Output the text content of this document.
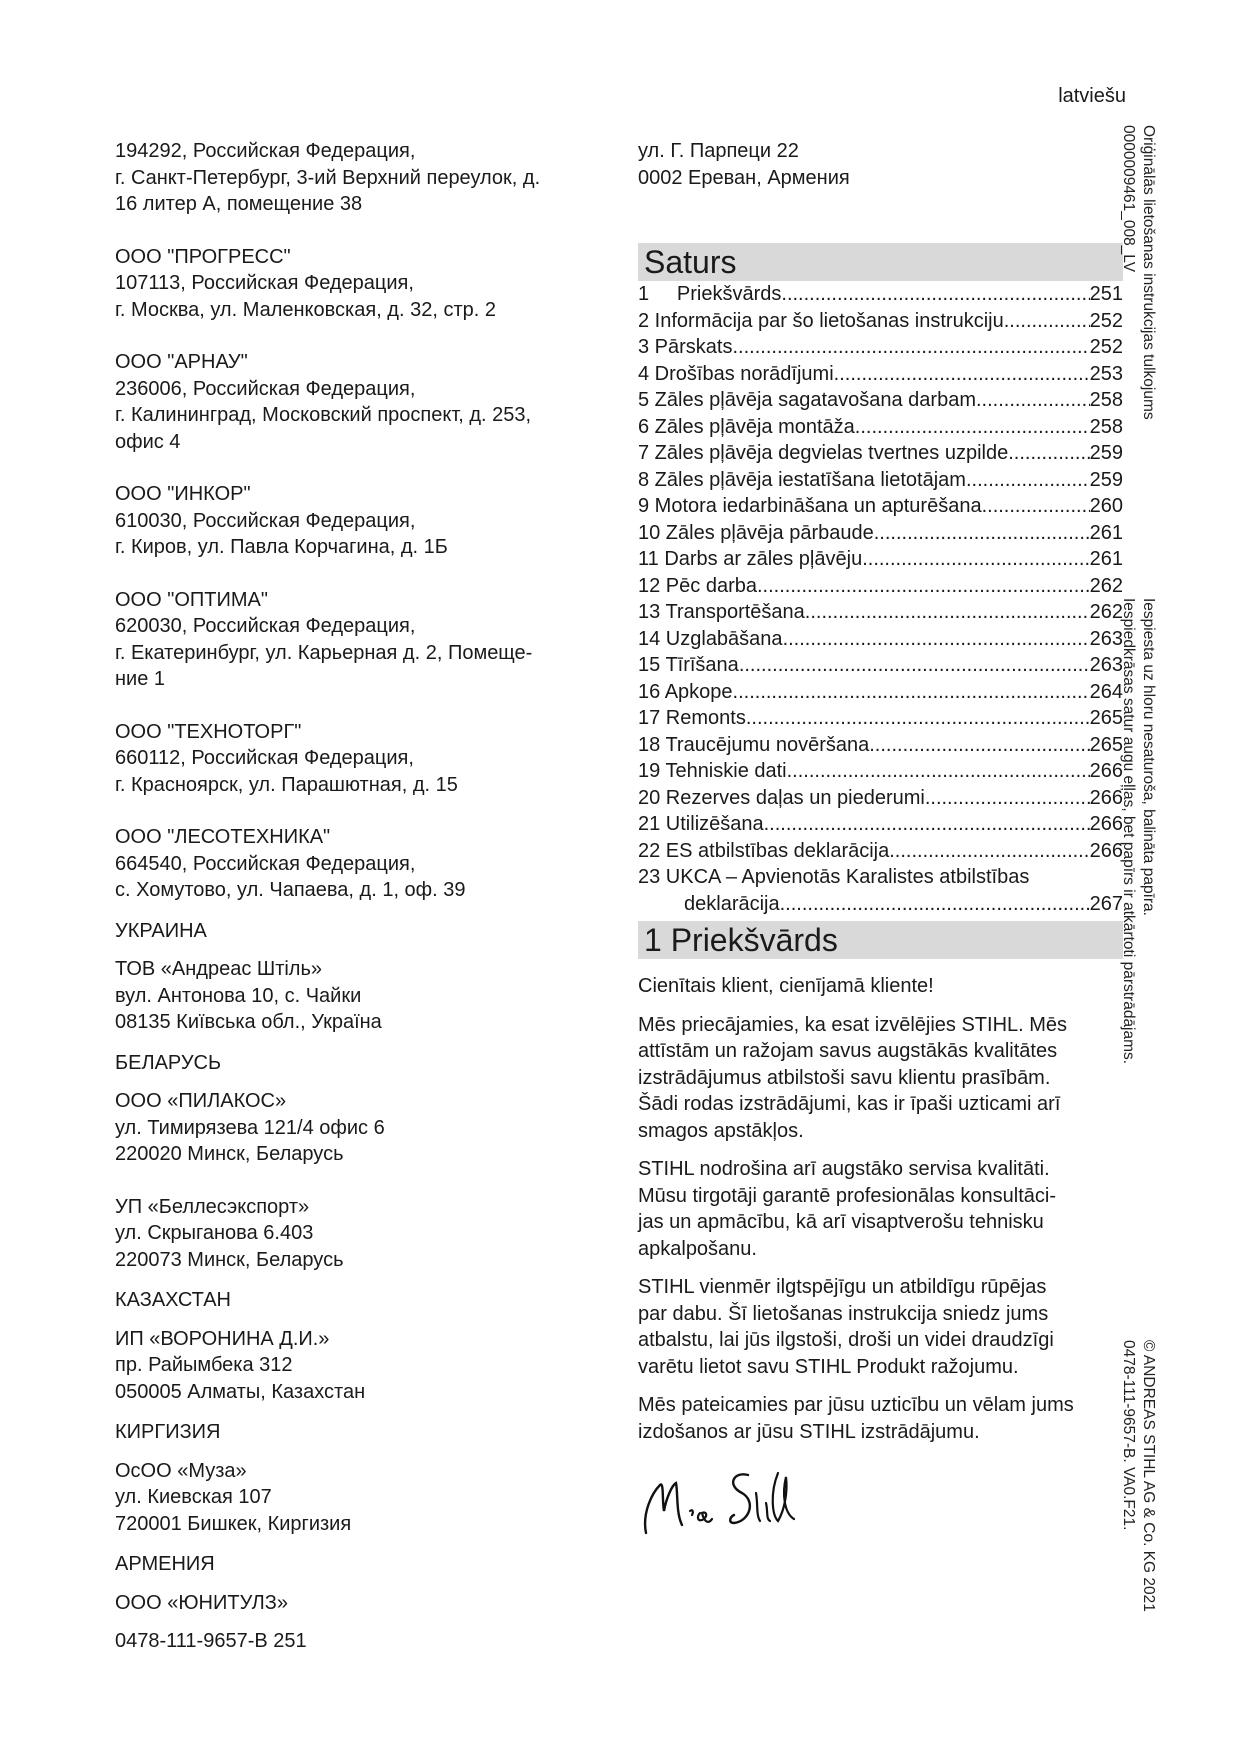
latviešu
194292, Российская Федерация,
г. Санкт-Петербург, 3-ий Верхний переулок, д.
16 литер А, помещение 38
ООО "ПРОГРЕСС"
107113, Российская Федерация,
г. Москва, ул. Маленковская, д. 32, стр. 2
ООО "АРНАУ"
236006, Российская Федерация,
г. Калининград, Московский проспект, д. 253,
офис 4
ООО "ИНКОР"
610030, Российская Федерация,
г. Киров, ул. Павла Корчагина, д. 1Б
ООО "ОПТИМА"
620030, Российская Федерация,
г. Екатеринбург, ул. Карьерная д. 2, Помеще-
ние 1
ООО "ТЕХНОТОРГ"
660112, Российская Федерация,
г. Красноярск, ул. Парашютная, д. 15
ООО "ЛЕСОТЕХНИКА"
664540, Российская Федерация,
с. Хомутово, ул. Чапаева, д. 1, оф. 39
УКРАИНА
ТОВ «Андреас Штіль»
вул. Антонова 10, с. Чайки
08135 Київська обл., Україна
БЕЛАРУСЬ
ООО «ПИЛАКОС»
ул. Тимирязева 121/4 офис 6
220020 Минск, Беларусь
УП «Беллесэкспорт»
ул. Скрыганова 6.403
220073 Минск, Беларусь
КАЗАХСТАН
ИП «ВОРОНИНА Д.И.»
пр. Райымбека 312
050005 Алматы, Казахстан
КИРГИЗИЯ
ОсОО «Муза»
ул. Киевская 107
720001 Бишкек, Киргизия
АРМЕНИЯ
ООО «ЮНИТУЛЗ»
0478-111-9657-B 251
ул. Г. Парпеци 22
0002 Ереван, Армения
Saturs
1     Priekšvārds .....	251
2 Informācija par šo lietošanas instrukciju. .....	252
3 Pārskats .....	252
4 Drošības norādījumi .....	253
5 Zāles pļāvēja sagatavošana darbam .....	258
6 Zāles pļāvēja montāža .....	258
7 Zāles pļāvēja degvielas tvertnes uzpilde .....	259
8 Zāles pļāvēja iestatīšana lietotājam .....	259
9 Motora iedarbināšana un apturēšana .....	260
10 Zāles pļāvēja pārbaude .....	261
11 Darbs ar zāles pļāvēju .....	261
12 Pēc darba .....	262
13 Transportēšana .....	262
14 Uzglabāšana .....	263
15 Tīrīšana .....	263
16 Apkope .....	264
17 Remonts .....	265
18 Traucējumu novēršana .....	265
19 Tehniskie dati .....	266
20 Rezerves daļas un piederumi .....	266
21 Utilizēšana .....	266
22 ES atbilstības deklarācija .....	266
23 UKCA – Apvienotās Karalistes atbilstības
deklarācija .....	267
1 Priekšvārds
Cienītais klient, cienījamā kliente!
Mēs priecājamies, ka esat izvēlējies STIHL. Mēs
attīstām un ražojam savus augstākās kvalitātes
izstrādājumus atbilstoši savu klientu prasībām.
Šādi rodas izstrādājumi, kas ir īpaši uzticami arī
smagos apstākļos.
STIHL nodrošina arī augstāko servisa kvalitāti.
Mūsu tirgotāji garantē profesionālas konsultāci-
jas un apmācību, kā arī visaptverošu tehnisku
apkalpošanu.
STIHL vienmēr ilgtspējīgu un atbildīgu rūpējas
par dabu. Šī lietošanas instrukcija sniedz jums
atbalstu, lai jūs ilgstoši, droši un videi draudzīgi
varētu lietot savu STIHL Produkt ražojumu.
Mēs pateicamies par jūsu uzticību un vēlam jums
izdošanos ar jūsu STIHL izstrādājumu.
Oriģinālās lietošanas instrukcijas tulkojums
0000009461_008_LV
Iespiesta uz hloru nesaturoša, balināta papīra.
Iespiedkrāsas satur augu eļļas, bet papīrs ir atkārtoti pārstrādājams.
© ANDREAS STIHL AG & Co. KG 2021
0478-111-9657-B. VA0.F21.
